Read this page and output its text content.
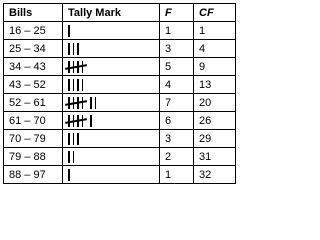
Bills	Tally Mark	F	CF
16 – 25		1	1
25 – 34		3	4
34 – 43		5	9
43 – 52		4	13
52 – 61		7	20
61 – 70		6	26
70 – 79		3	29
79 – 88		2	31
88 – 97		1	32
